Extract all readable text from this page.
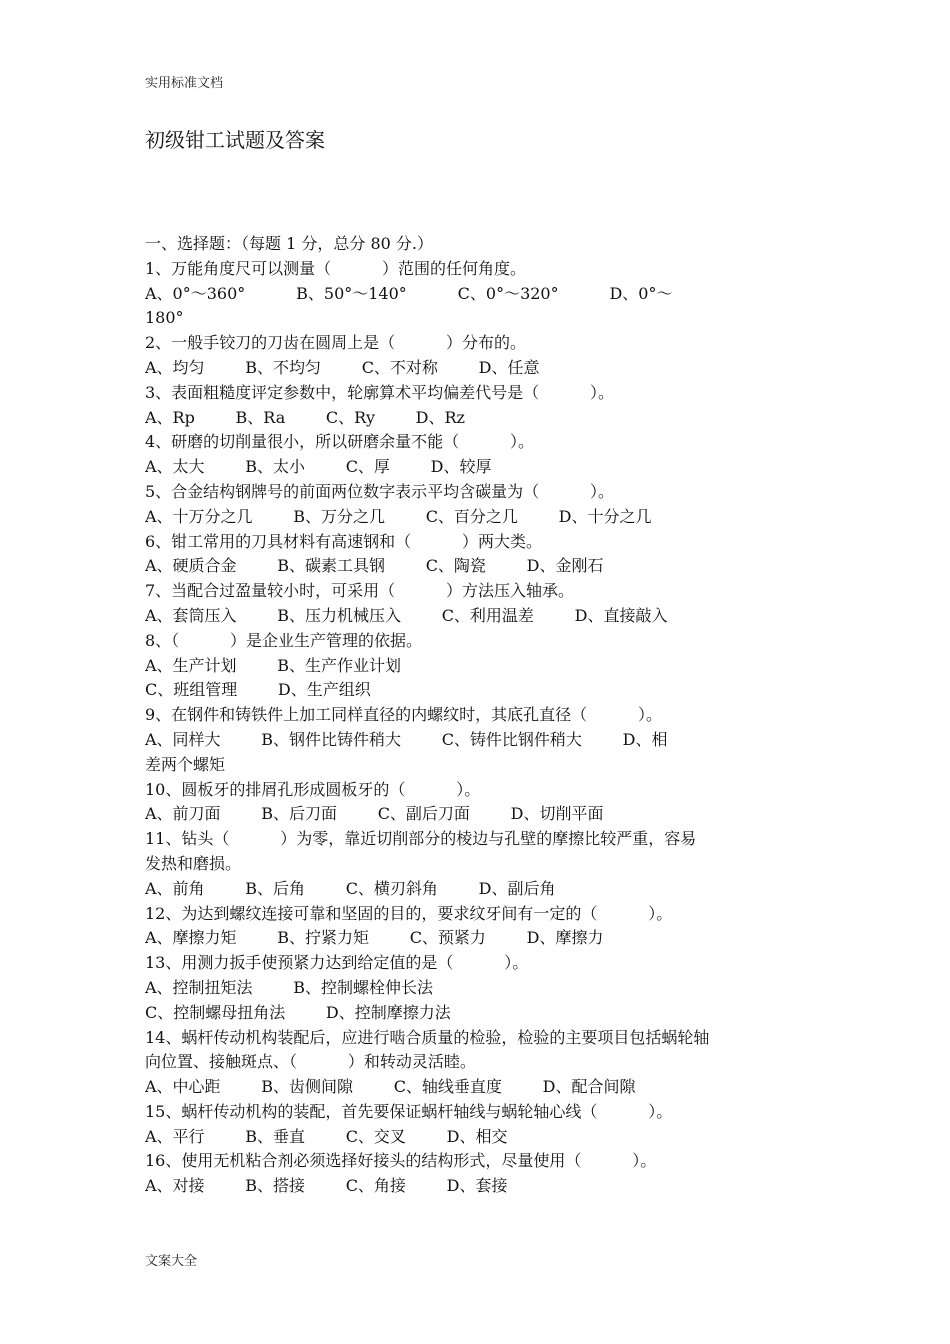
实用标准文档
初级钳工试题及答案
一、选择题：（每题 1 分，总分 80 分.）
1、万能角度尺可以测量（          ）范围的任何角度。
A、0°～360°          B、50°～140°          C、0°～320°          D、0°～
180°
2、一般手铰刀的刀齿在圆周上是（          ）分布的。
A、均匀        B、不均匀        C、不对称        D、任意
3、表面粗糙度评定参数中，轮廓算术平均偏差代号是（          ）。
A、Rp        B、Ra        C、Ry        D、Rz
4、研磨的切削量很小，所以研磨余量不能（          ）。
A、太大        B、太小        C、厚        D、较厚
5、合金结构钢牌号的前面两位数字表示平均含碳量为（          ）。
A、十万分之几        B、万分之几        C、百分之几        D、十分之几
6、钳工常用的刀具材料有高速钢和（          ）两大类。
A、硬质合金        B、碳素工具钢        C、陶瓷        D、金刚石
7、当配合过盈量较小时，可采用（          ）方法压入轴承。
A、套筒压入        B、压力机械压入        C、利用温差        D、直接敲入
8、（          ）是企业生产管理的依据。
A、生产计划        B、生产作业计划
C、班组管理        D、生产组织
9、在钢件和铸铁件上加工同样直径的内螺纹时，其底孔直径（          ）。
A、同样大        B、钢件比铸件稍大        C、铸件比钢件稍大        D、相
差两个螺矩
10、圆板牙的排屑孔形成圆板牙的（          ）。
A、前刀面        B、后刀面        C、副后刀面        D、切削平面
11、钻头（          ）为零，靠近切削部分的棱边与孔壁的摩擦比较严重，容易
发热和磨损。
A、前角        B、后角        C、横刃斜角        D、副后角
12、为达到螺纹连接可靠和坚固的目的，要求纹牙间有一定的（          ）。
A、摩擦力矩        B、拧紧力矩        C、预紧力        D、摩擦力
13、用测力扳手使预紧力达到给定值的是（          ）。
A、控制扭矩法        B、控制螺栓伸长法
C、控制螺母扭角法        D、控制摩擦力法
14、蜗杆传动机构装配后，应进行啮合质量的检验，检验的主要项目包括蜗轮轴
向位置、接触斑点、（          ）和转动灵活睦。
A、中心距        B、齿侧间隙        C、轴线垂直度        D、配合间隙
15、蜗杆传动机构的装配，首先要保证蜗杆轴线与蜗轮轴心线（          ）。
A、平行        B、垂直        C、交叉        D、相交
16、使用无机粘合剂必须选择好接头的结构形式，尽量使用（          ）。
A、对接        B、搭接        C、角接        D、套接
文案大全
